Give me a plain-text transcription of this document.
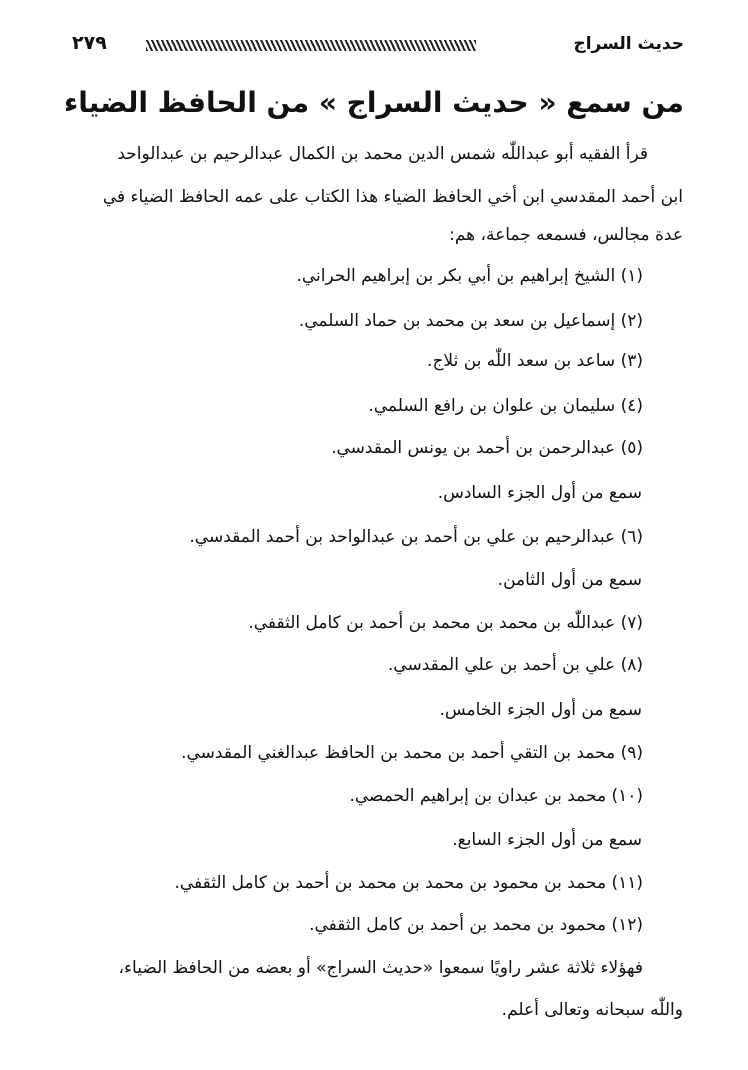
حديث السراج
٢٧٩
من سمع « حديث السراج » من الحافظ الضياء
قرأ الفقيه أبو عبداللّٰه شمس الدين محمد بن الكمال عبدالرحيم بن عبدالواحد
ابن أحمد المقدسي ابن أخي الحافظ الضياء هذا الكتاب على عمه الحافظ الضياء في
عدة مجالس، فسمعه جماعة، هم:
(١) الشيخ إبراهيم بن أبي بكر بن إبراهيم الحراني.
(٢) إسماعيل بن سعد بن محمد بن حماد السلمي.
(٣) ساعد بن سعد اللّٰه بن ثلاج.
(٤) سليمان بن علوان بن رافع السلمي.
(٥) عبدالرحمن بن أحمد بن يونس المقدسي.
سمع من أول الجزء السادس.
(٦) عبدالرحيم بن علي بن أحمد بن عبدالواحد بن أحمد المقدسي.
سمع من أول الثامن.
(٧) عبداللّٰه بن محمد بن محمد بن أحمد بن كامل الثقفي.
(٨) علي بن أحمد بن علي المقدسي.
سمع من أول الجزء الخامس.
(٩) محمد بن التقي أحمد بن محمد بن الحافظ عبدالغني المقدسي.
(١٠) محمد بن عبدان بن إبراهيم الحمصي.
سمع من أول الجزء السابع.
(١١) محمد بن محمود بن محمد بن محمد بن أحمد بن كامل الثقفي.
(١٢) محمود بن محمد بن أحمد بن كامل الثقفي.
فهؤلاء ثلاثة عشر راويًا سمعوا «حديث السراج» أو بعضه من الحافظ الضياء،
واللّٰه سبحانه وتعالى أعلم.
